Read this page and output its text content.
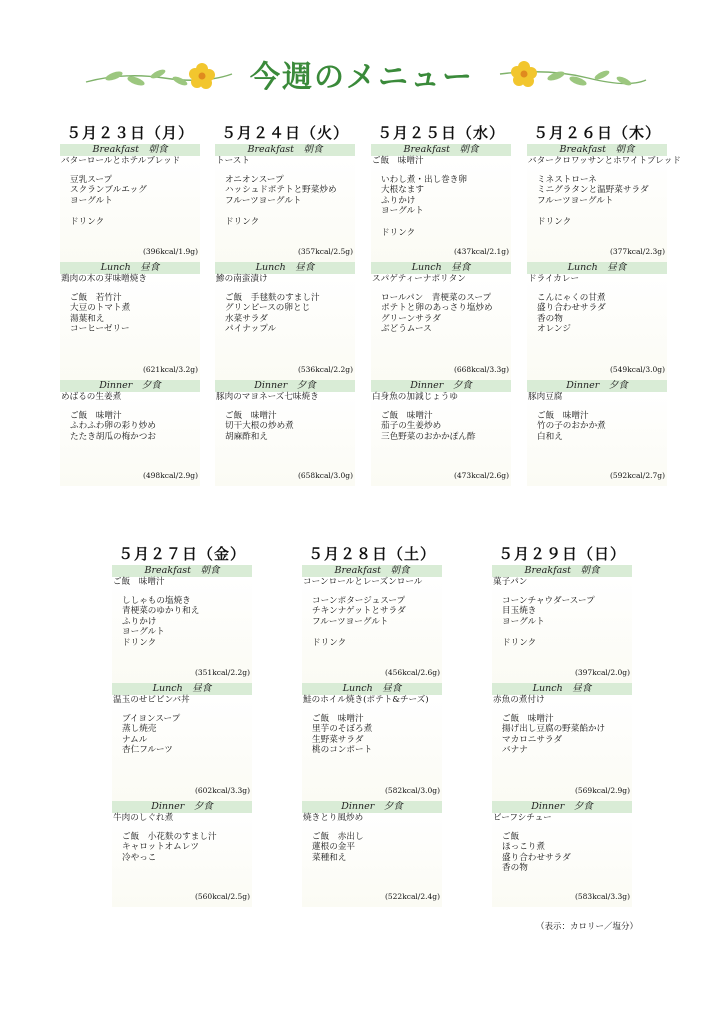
今週のメニュー
５月２３日（月）
Breakfast　朝食
バターロールとホテルブレッド
豆乳スープ
スクランブルエッグ
ヨーグルト
ドリンク
(396kcal/1.9g)
Lunch　昼食
鶏肉の木の芽味噌焼き
ご飯　若竹汁
大豆のトマト煮
湯葉和え
コーヒーゼリー
(621kcal/3.2g)
Dinner　夕食
めばるの生姜煮
ご飯　味噌汁
ふわふわ卵の彩り炒め
たたき胡瓜の梅かつお
(498kcal/2.9g)
５月２４日（火）
Breakfast　朝食
トースト
オニオンスープ
ハッシュドポテトと野菜炒め
フルーツヨーグルト
ドリンク
(357kcal/2.5g)
Lunch　昼食
鯵の南蛮漬け
ご飯　手毬麩のすまし汁
グリンピースの卵とじ
水菜サラダ
パイナップル
(536kcal/2.2g)
Dinner　夕食
豚肉のマヨネーズ七味焼き
ご飯　味噌汁
切干大根の炒め煮
胡麻酢和え
(658kcal/3.0g)
５月２５日（水）
Breakfast　朝食
ご飯　味噌汁
いわし煮・出し巻き卵
大根なます
ふりかけ
ヨーグルト
ドリンク
(437kcal/2.1g)
Lunch　昼食
スパゲティーナポリタン
ロールパン　青梗菜のスープ
ポテトと卵のあっさり塩炒め
グリーンサラダ
ぶどうムース
(668kcal/3.3g)
Dinner　夕食
白身魚の加減じょうゆ
ご飯　味噌汁
茄子の生姜炒め
三色野菜のおかかぽん酢
(473kcal/2.6g)
５月２６日（木）
Breakfast　朝食
バタークロワッサンとホワイトブレッド
ミネストローネ
ミニグラタンと温野菜サラダ
フルーツヨーグルト
ドリンク
(377kcal/2.3g)
Lunch　昼食
ドライカレー
こんにゃくの甘煮
盛り合わせサラダ
香の物
オレンジ
(549kcal/3.0g)
Dinner　夕食
豚肉豆腐
ご飯　味噌汁
竹の子のおかか煮
白和え
(592kcal/2.7g)
５月２７日（金）
Breakfast　朝食
ご飯　味噌汁
ししゃもの塩焼き
青梗菜のゆかり和え
ふりかけ
ヨーグルト
ドリンク
(351kcal/2.2g)
Lunch　昼食
温玉のせビビンバ丼
ブイヨンスープ
蒸し焼売
ナムル
杏仁フルーツ
(602kcal/3.3g)
Dinner　夕食
牛肉のしぐれ煮
ご飯　小花麩のすまし汁
キャロットオムレツ
冷やっこ
(560kcal/2.5g)
５月２８日（土）
Breakfast　朝食
コーンロールとレーズンロール
コーンポタージュスープ
チキンナゲットとサラダ
フルーツヨーグルト
ドリンク
(456kcal/2.6g)
Lunch　昼食
鮭のホイル焼き(ポテト&チーズ)
ご飯　味噌汁
里芋のそぼろ煮
生野菜サラダ
桃のコンポート
(582kcal/3.0g)
Dinner　夕食
焼きとり風炒め
ご飯　赤出し
蓮根の金平
菜種和え
(522kcal/2.4g)
５月２９日（日）
Breakfast　朝食
菓子パン
コーンチャウダースープ
目玉焼き
ヨーグルト
ドリンク
(397kcal/2.0g)
Lunch　昼食
赤魚の煮付け
ご飯　味噌汁
揚げ出し豆腐の野菜餡かけ
マカロニサラダ
バナナ
(569kcal/2.9g)
Dinner　夕食
ビーフシチュー
ご飯
ほっこり煮
盛り合わせサラダ
香の物
(583kcal/3.3g)
（表示：カロリー／塩分）
